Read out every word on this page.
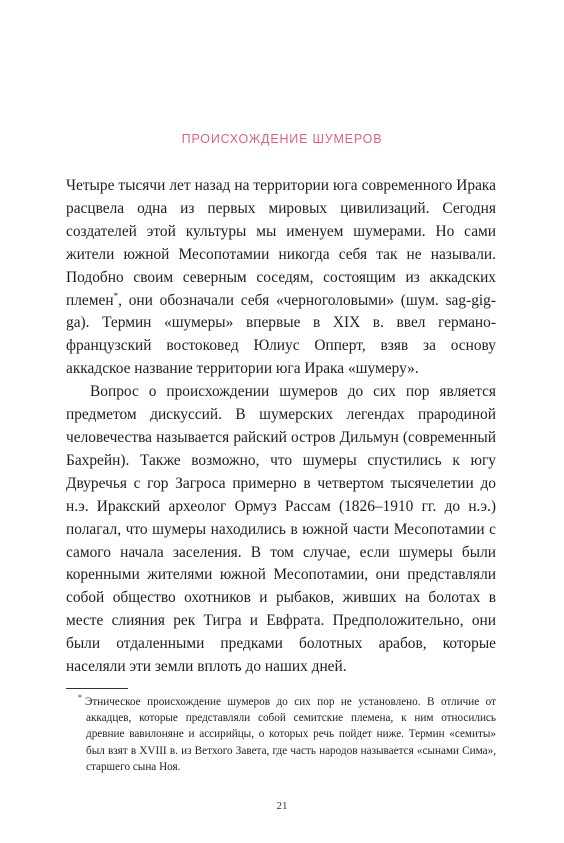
ПРОИСХОЖДЕНИЕ ШУМЕРОВ

Четыре тысячи лет назад на территории юга современного Ирака расцвела одна из первых мировых цивилизаций. Сегодня создателей этой культуры мы именуем шумерами. Но сами жители южной Месопотамии никогда себя так не называли. Подобно своим северным соседям, состоящим из аккадских племен*, они обозначали себя «черноголовыми» (шум. sag-gig-ga). Термин «шумеры» впервые в XIX в. ввел германо-французский востоковед Юлиус Опперт, взяв за основу аккадское название территории юга Ирака «шумеру».

Вопрос о происхождении шумеров до сих пор является предметом дискуссий. В шумерских легендах прародиной человечества называется райский остров Дильмун (современный Бахрейн). Также возможно, что шумеры спустились к югу Двуречья с гор Загроса примерно в четвертом тысячелетии до н.э. Иракский археолог Ормуз Рассам (1826–1910 гг. до н.э.) полагал, что шумеры находились в южной части Месопотамии с самого начала заселения. В том случае, если шумеры были коренными жителями южной Месопотамии, они представляли собой общество охотников и рыбаков, живших на болотах в месте слияния рек Тигра и Евфрата. Предположительно, они были отдаленными предками болотных арабов, которые населяли эти земли вплоть до наших дней.

* Этническое происхождение шумеров до сих пор не установлено. В отличие от аккадцев, которые представляли собой семитские племена, к ним относились древние вавилоняне и ассирийцы, о которых речь пойдет ниже. Термин «семиты» был взят в XVIII в. из Ветхого Завета, где часть народов называется «сынами Сима», старшего сына Ноя.

21
